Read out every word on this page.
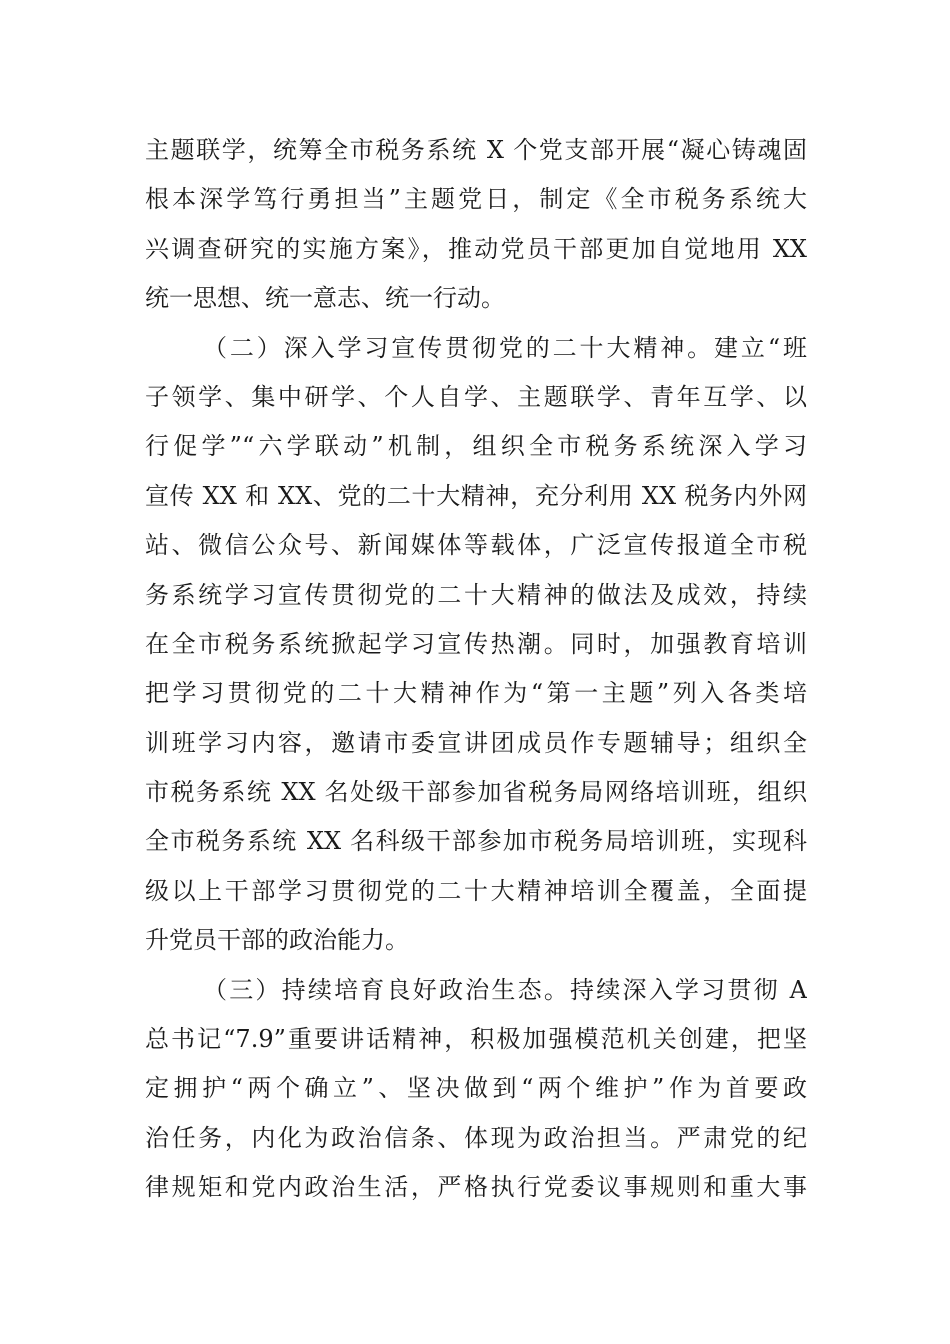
主题联学，统筹全市税务系统 X 个党支部开展“凝心铸魂固
根本深学笃行勇担当”主题党日，制定《全市税务系统大
兴调查研究的实施方案》，推动党员干部更加自觉地用 XX
统一思想、统一意志、统一行动。
（二）深入学习宣传贯彻党的二十大精神。建立“班
子领学、集中研学、个人自学、主题联学、青年互学、以
行促学”“六学联动”机制，组织全市税务系统深入学习
宣传 XX 和 XX、党的二十大精神，充分利用 XX 税务内外网
站、微信公众号、新闻媒体等载体，广泛宣传报道全市税
务系统学习宣传贯彻党的二十大精神的做法及成效，持续
在全市税务系统掀起学习宣传热潮。同时，加强教育培训
把学习贯彻党的二十大精神作为“第一主题”列入各类培
训班学习内容，邀请市委宣讲团成员作专题辅导；组织全
市税务系统 XX 名处级干部参加省税务局网络培训班，组织
全市税务系统 XX 名科级干部参加市税务局培训班，实现科
级以上干部学习贯彻党的二十大精神培训全覆盖，全面提
升党员干部的政治能力。
（三）持续培育良好政治生态。持续深入学习贯彻 A
总书记“7.9”重要讲话精神，积极加强模范机关创建，把坚
定拥护“两个确立”、坚决做到“两个维护”作为首要政
治任务，内化为政治信条、体现为政治担当。严肃党的纪
律规矩和党内政治生活，严格执行党委议事规则和重大事
